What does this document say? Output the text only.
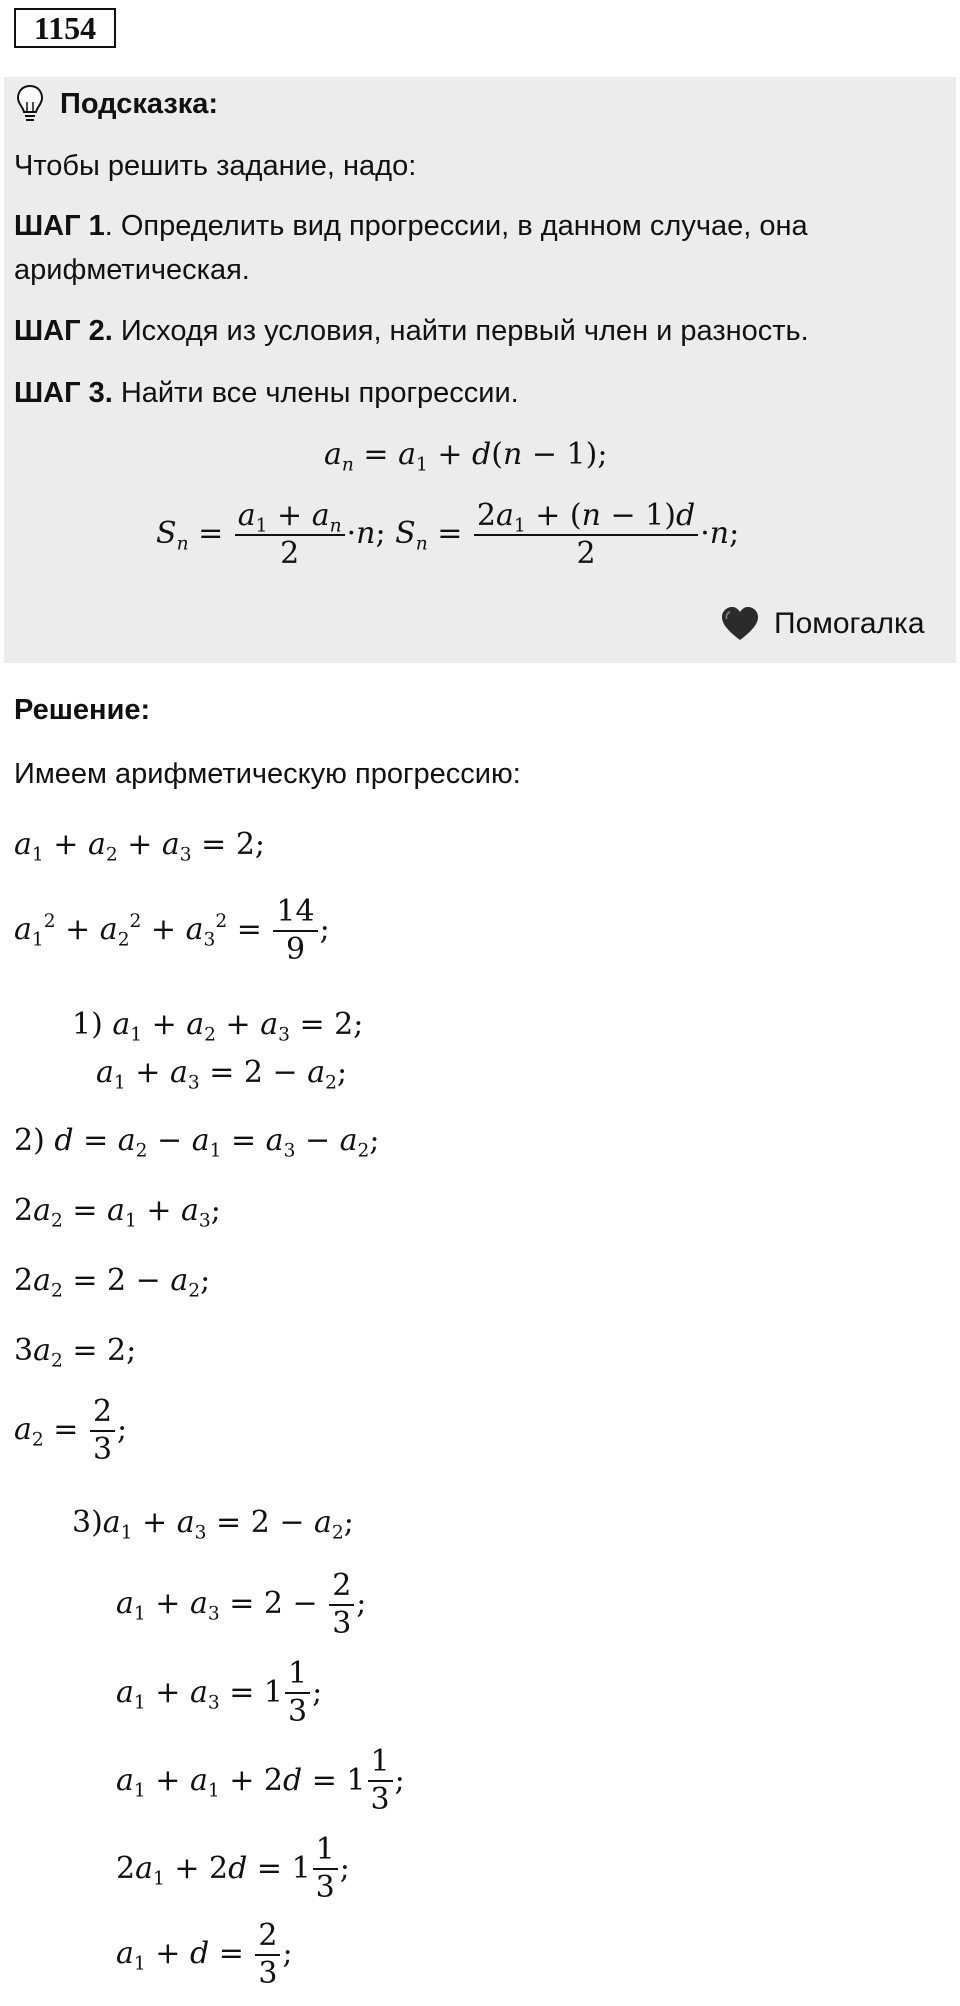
1154
Подсказка:
Чтобы решить задание, надо:
ШАГ 1. Определить вид прогрессии, в данном случае, она
арифметическая.
ШАГ 2. Исходя из условия, найти первый член и разность.
ШАГ 3. Найти все члены прогрессии.
$a_n = a_1 + d(n - 1)$;
$S_n = \frac{a_1 + a_n}{2} \cdot n$; $S_n = \frac{2a_1 + (n - 1)d}{2} \cdot n$;
Помогалка
Решение:
Имеем арифметическую прогрессию:
$a_1 + a_2 + a_3 = 2$;
$a_1^2 + a_2^2 + a_3^2 = \frac{14}{9}$ ;
1) $a_1 + a_2 + a_3 = 2$;
$a_1 + a_3 = 2 - a_2$;
2) $d = a_2 - a_1 = a_3 - a_2$;
$2a_2 = a_1 + a_3$;
$2a_2 = 2 - a_2$;
$3a_2 = 2$;
$a_2 = \frac{2}{3}$ ;
$3)a_1 + a_3 = 2 - a_2$;
$a_1 + a_3 = 2 - \frac{2}{3}$ ;
$a_1 + a_3 = 1$
1
3
;
$a_1 + a_1 + 2d = 1$
1
3
;
$2a_1 + 2d = 1$
1
3
;
$a_1 + d = \frac{2}{3}$ ;
